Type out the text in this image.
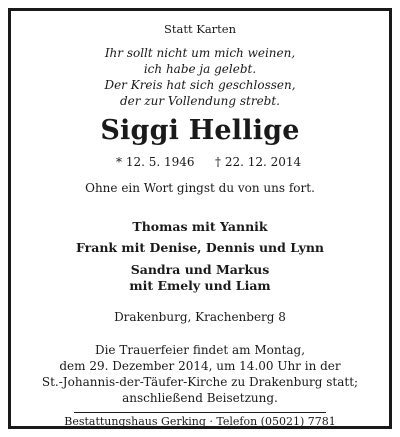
Statt Karten
Ihr sollt nicht um mich weinen,
ich habe ja gelebt.
Der Kreis hat sich geschlossen,
der zur Vollendung strebt.
Siggi Hellige
* 12. 5. 1946 † 22. 12. 2014
Ohne ein Wort gingst du von uns fort.
Thomas mit Yannik
Frank mit Denise, Dennis und Lynn
Sandra und Markus
mit Emely und Liam
Drakenburg, Krachenberg 8
Die Trauerfeier findet am Montag,
dem 29. Dezember 2014, um 14.00 Uhr in der
St.-Johannis-der-Täufer-Kirche zu Drakenburg statt;
anschließend Beisetzung.
Bestattungshaus Gerking · Telefon (05021) 7781
